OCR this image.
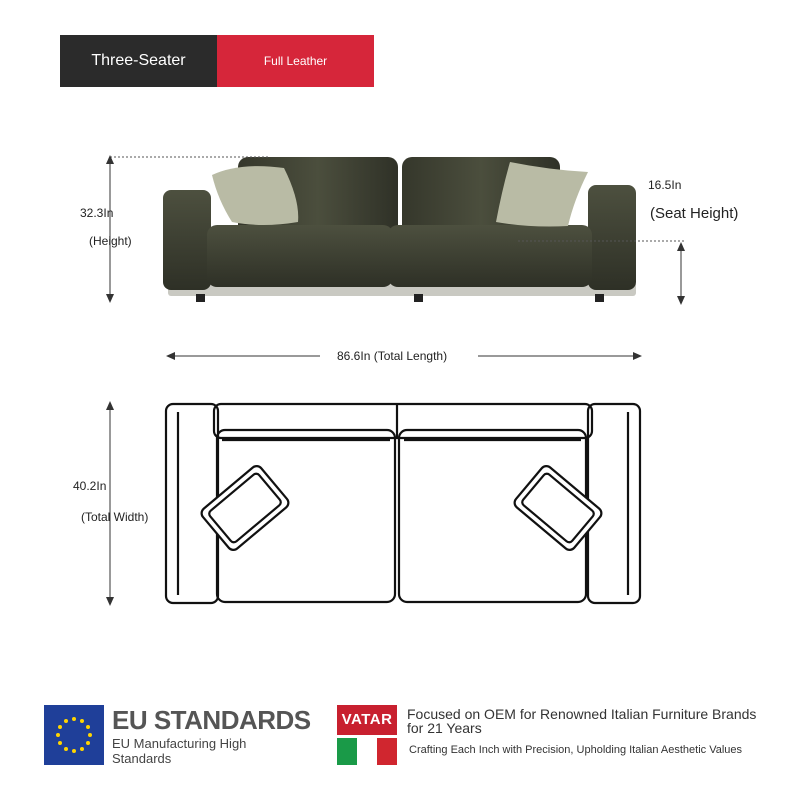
Three-Seater	Full Leather
32.3In
(Height)
16.5In
(Seat Height)
86.6In (Total Length)
40.2In
(Total Width)
EU STANDARDS
EU Manufacturing High Standards
VATAR	Focused on OEM for Renowned Italian Furniture Brands for 21 Years
Crafting Each Inch with Precision, Upholding Italian Aesthetic Values
